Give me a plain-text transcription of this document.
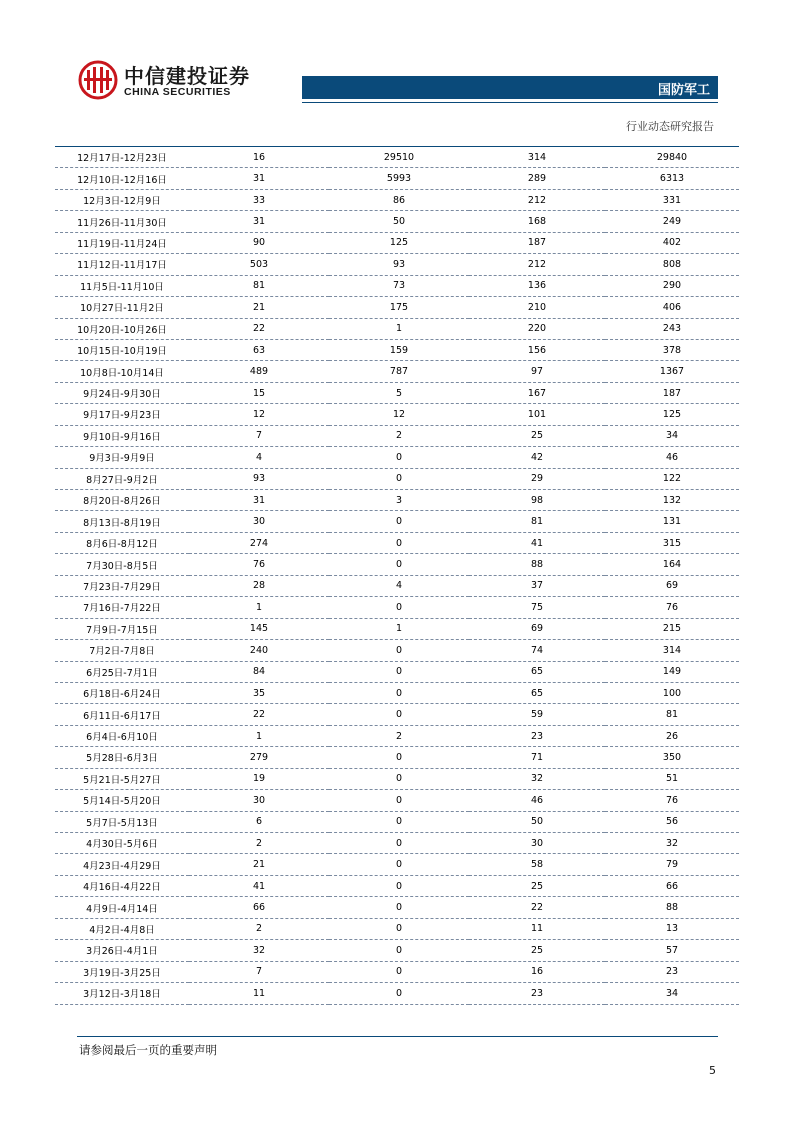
中信建投证券
CHINA SECURITIES	国防军工
行业动态研究报告
12月17日-12月23日	16	29510	314	29840
12月10日-12月16日	31	5993	289	6313
12月3日-12月9日	33	86	212	331
11月26日-11月30日	31	50	168	249
11月19日-11月24日	90	125	187	402
11月12日-11月17日	503	93	212	808
11月5日-11月10日	81	73	136	290
10月27日-11月2日	21	175	210	406
10月20日-10月26日	22	1	220	243
10月15日-10月19日	63	159	156	378
10月8日-10月14日	489	787	97	1367
9月24日-9月30日	15	5	167	187
9月17日-9月23日	12	12	101	125
9月10日-9月16日	7	2	25	34
9月3日-9月9日	4	0	42	46
8月27日-9月2日	93	0	29	122
8月20日-8月26日	31	3	98	132
8月13日-8月19日	30	0	81	131
8月6日-8月12日	274	0	41	315
7月30日-8月5日	76	0	88	164
7月23日-7月29日	28	4	37	69
7月16日-7月22日	1	0	75	76
7月9日-7月15日	145	1	69	215
7月2日-7月8日	240	0	74	314
6月25日-7月1日	84	0	65	149
6月18日-6月24日	35	0	65	100
6月11日-6月17日	22	0	59	81
6月4日-6月10日	1	2	23	26
5月28日-6月3日	279	0	71	350
5月21日-5月27日	19	0	32	51
5月14日-5月20日	30	0	46	76
5月7日-5月13日	6	0	50	56
4月30日-5月6日	2	0	30	32
4月23日-4月29日	21	0	58	79
4月16日-4月22日	41	0	25	66
4月9日-4月14日	66	0	22	88
4月2日-4月8日	2	0	11	13
3月26日-4月1日	32	0	25	57
3月19日-3月25日	7	0	16	23
3月12日-3月18日	11	0	23	34
请参阅最后一页的重要声明
5
